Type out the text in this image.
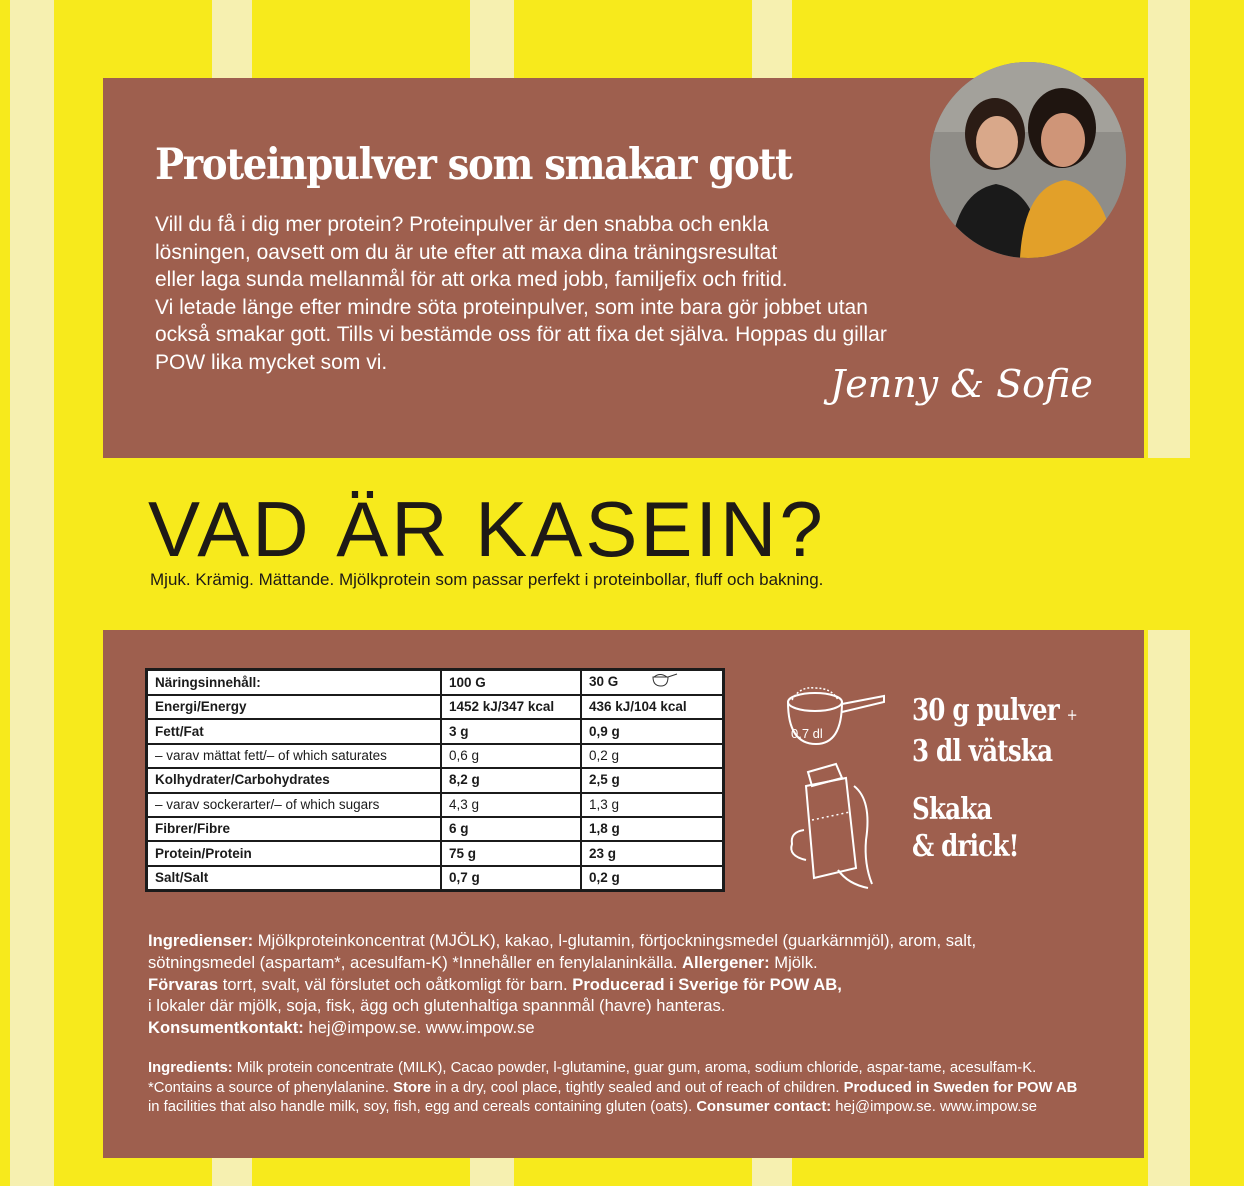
Proteinpulver som smakar gott

Vill du få i dig mer protein? Proteinpulver är den snabba och enkla
lösningen, oavsett om du är ute efter att maxa dina träningsresultat
eller laga sunda mellanmål för att orka med jobb, familjefix och fritid.
Vi letade länge efter mindre söta proteinpulver, som inte bara gör jobbet utan
också smakar gott. Tills vi bestämde oss för att fixa det själva. Hoppas du gillar
POW lika mycket som vi.	Jenny & Sofie
VAD ÄR KASEIN?

Mjuk. Krämig. Mättande. Mjölkprotein som passar perfekt i proteinbollar, fluff och bakning.

Näringsinnehåll:	100 G	30 G
Energi/Energy	1452 kJ/347 kcal	436 kJ/104 kcal
Fett/Fat	3 g	0,9 g
– varav mättat fett/– of which saturates	0,6 g	0,2 g
Kolhydrater/Carbohydrates	8,2 g	2,5 g
– varav sockerarter/– of which sugars	4,3 g	1,3 g
Fibrer/Fibre	6 g	1,8 g
Protein/Protein	75 g	23 g
Salt/Salt	0,7 g	0,2 g
0,7 dl
30 g pulver +
3 dl vätska
Skaka
& drick!

Ingredienser: Mjölkproteinkoncentrat (MJÖLK), kakao, l-glutamin, förtjockningsmedel (guarkärnmjöl), arom, salt, sötningsmedel (aspartam*, acesulfam-K) *Innehåller en fenylalaninkälla. Allergener: Mjölk.
Förvaras torrt, svalt, väl förslutet och oåtkomligt för barn. Producerad i Sverige för POW AB,
i lokaler där mjölk, soja, fisk, ägg och glutenhaltiga spannmål (havre) hanteras.
Konsumentkontakt: hej@impow.se. www.impow.se

Ingredients: Milk protein concentrate (MILK), Cacao powder, l-glutamine, guar gum, aroma, sodium chloride, aspar-tame, acesulfam-K. *Contains a source of phenylalanine. Store in a dry, cool place, tightly sealed and out of reach of children. Produced in Sweden for POW AB in facilities that also handle milk, soy, fish, egg and cereals containing gluten (oats). Consumer contact: hej@impow.se. www.impow.se
